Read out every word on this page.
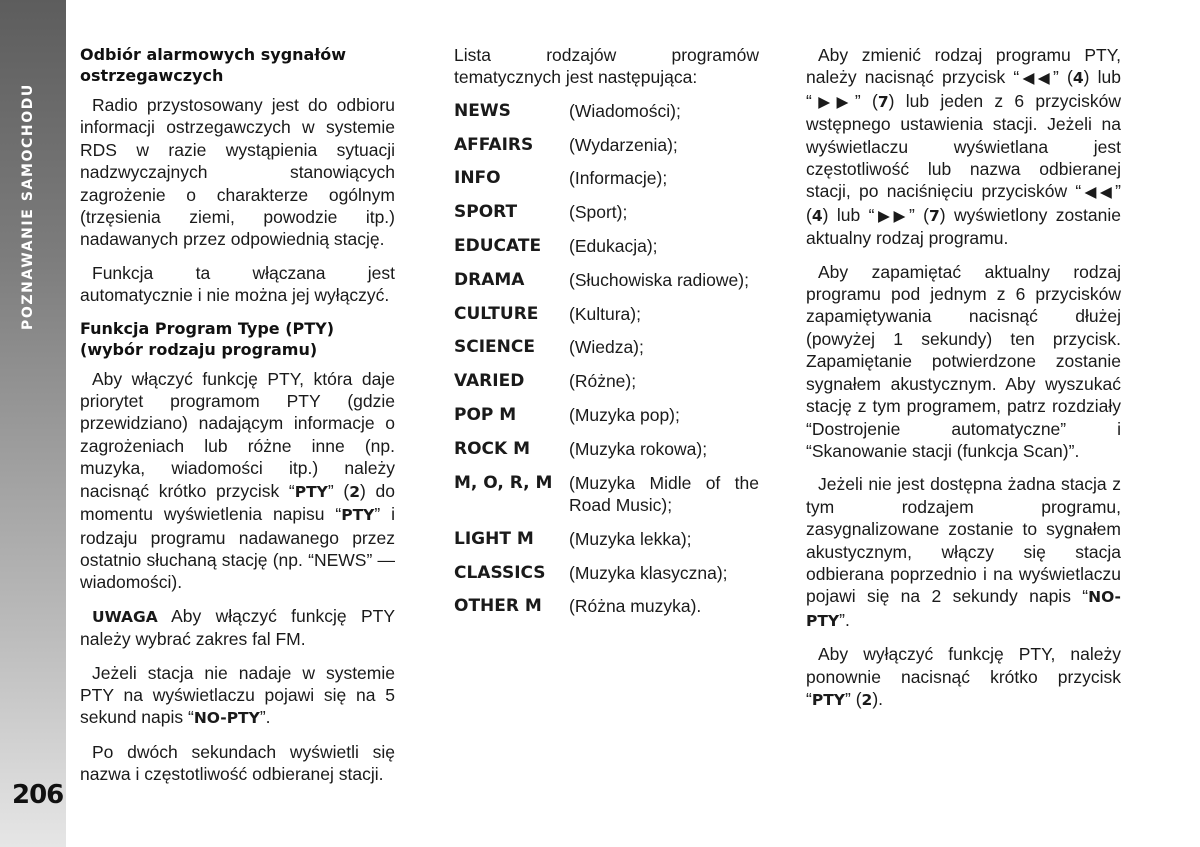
POZNAWANIE SAMOCHODU
206
Odbiór alarmowych sygnałów ostrzegawczych

Radio przystosowany jest do odbioru informacji ostrzegawczych w systemie RDS w razie wystąpienia sytuacji nadzwyczajnych stanowiących zagrożenie o charakterze ogólnym (trzęsienia ziemi, powodzie itp.) nadawanych przez odpowiednią stację.

Funkcja ta włączana jest automatycznie i nie można jej wyłączyć.

Funkcja Program Type (PTY) (wybór rodzaju programu)

Aby włączyć funkcję PTY, która daje priorytet programom PTY (gdzie przewidziano) nadającym informacje o zagrożeniach lub różne inne (np. muzyka, wiadomości itp.) należy nacisnąć krótko przycisk “PTY” (2) do momentu wyświetlenia napisu “PTY” i rodzaju programu nadawanego przez ostatnio słuchaną stację (np. “NEWS” — wiadomości).

UWAGA Aby włączyć funkcję PTY należy wybrać zakres fal FM.

Jeżeli stacja nie nadaje w systemie PTY na wyświetlaczu pojawi się na 5 sekund napis “NO-PTY”.

Po dwóch sekundach wyświetli się nazwa i częstotliwość odbieranej stacji.

Lista rodzajów programów tematycznych jest następująca:

NEWS	(Wiadomości);
AFFAIRS	(Wydarzenia);
INFO	(Informacje);
SPORT	(Sport);
EDUCATE	(Edukacja);
DRAMA	(Słuchowiska radiowe);
CULTURE	(Kultura);
SCIENCE	(Wiedza);
VARIED	(Różne);
POP M	(Muzyka pop);
ROCK M	(Muzyka rokowa);
M, O, R, M (Muzyka Midle of the Road Music);
LIGHT M	(Muzyka lekka);
CLASSICS	(Muzyka klasyczna);
OTHER M	(Różna muzyka).

Aby zmienić rodzaj programu PTY, należy nacisnąć przycisk “◀◀” (4) lub “▶▶” (7) lub jeden z 6 przycisków wstępnego ustawienia stacji. Jeżeli na wyświetlaczu wyświetlana jest częstotliwość lub nazwa odbieranej stacji, po naciśnięciu przycisków “◀◀” (4) lub “▶▶” (7) wyświetlony zostanie aktualny rodzaj programu.

Aby zapamiętać aktualny rodzaj programu pod jednym z 6 przycisków zapamiętywania nacisnąć dłużej (powyżej 1 sekundy) ten przycisk. Zapamiętanie potwierdzone zostanie sygnałem akustycznym. Aby wyszukać stację z tym programem, patrz rozdziały “Dostrojenie automatyczne” i “Skanowanie stacji (funkcja Scan)”.

Jeżeli nie jest dostępna żadna stacja z tym rodzajem programu, zasygnalizowane zostanie to sygnałem akustycznym, włączy się stacja odbierana poprzednio i na wyświetlaczu pojawi się na 2 sekundy napis “NO-PTY”.

Aby wyłączyć funkcję PTY, należy ponownie nacisnąć krótko przycisk “PTY” (2).
